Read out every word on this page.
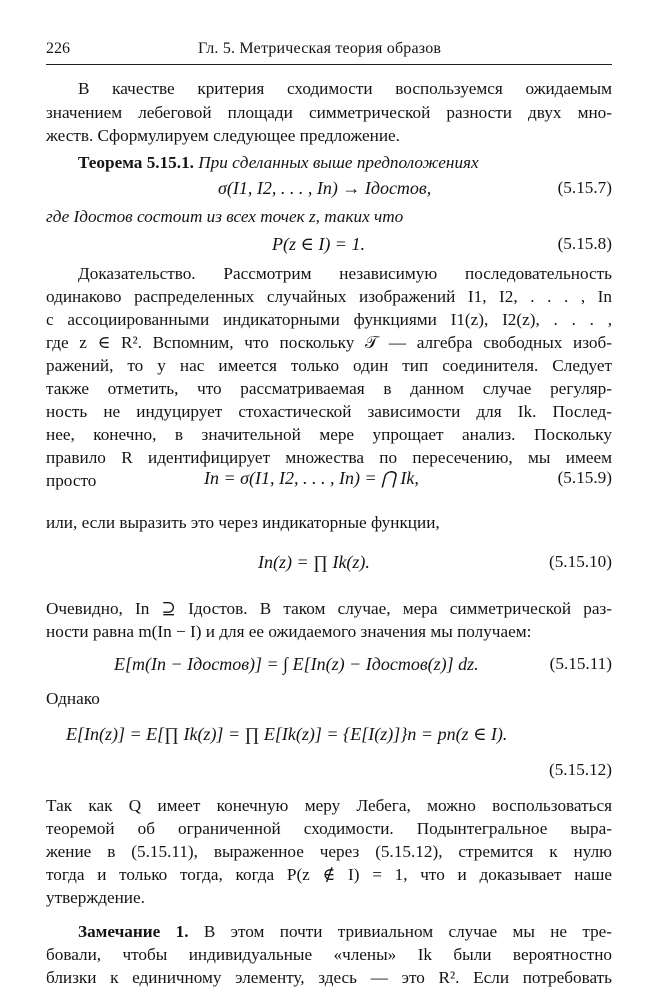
226	Гл. 5. Метрическая теория образов
В качестве критерия сходимости воспользуемся ожидаемым
значением лебеговой площади симметрической разности двух мно-
жеств. Сформулируем следующее предложение.
Теорема 5.15.1. При сделанных выше предположениях
σ(I1, I2, . . . , In) → Iдостов,	(5.15.7)
где Iдостов состоит из всех точек z, таких что
P(z ∈ I) = 1.	(5.15.8)
Доказательство. Рассмотрим независимую последовательность
одинаково распределенных случайных изображений I1, I2, . . . , In
с ассоциированными индикаторными функциями I1(z), I2(z), . . . ,
где z ∈ R². Вспомним, что поскольку 𝒯 — алгебра свободных изоб-
ражений, то у нас имеется только один тип соединителя. Следует
также отметить, что рассматриваемая в данном случае регуляр-
ность не индуцирует стохастической зависимости для Ik. Послед-
нее, конечно, в значительной мере упрощает анализ. Поскольку
правило R идентифицирует множества по пересечению, мы имеем
просто	In = σ(I1, I2, . . . , In) = ⋂ Ik,	(5.15.9)
или, если выразить это через индикаторные функции,
In(z) = ∏ Ik(z).	(5.15.10)
Очевидно, In ⊇ Iдостов. В таком случае, мера симметрической раз-
ности равна m(In − I) и для ее ожидаемого значения мы получаем:
E[m(In − Iдостов)] = ∫ E[In(z) − Iдостов(z)] dz.	(5.15.11)
Однако
E[In(z)] = E[∏ Ik(z)] = ∏ E[Ik(z)] = {E[I(z)]}n = pn(z ∈ I).
(5.15.12)
Так как Q имеет конечную меру Лебега, можно воспользоваться
теоремой об ограниченной сходимости. Подынтегральное выра-
жение в (5.15.11), выраженное через (5.15.12), стремится к нулю
тогда и только тогда, когда P(z ∉ I) = 1, что и доказывает наше
утверждение.
Замечание 1. В этом почти тривиальном случае мы не тре-
бовали, чтобы индивидуальные «члены» Ik были вероятностно
близки к единичному элементу, здесь — это R². Если потребовать
